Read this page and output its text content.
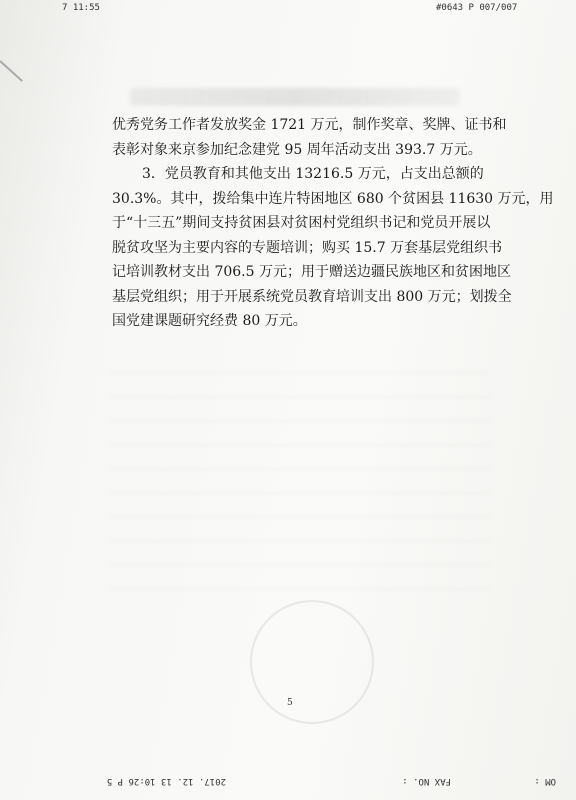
7 11:55	#0643 P 007/007

优秀党务工作者发放奖金 1721 万元，制作奖章、奖牌、证书和
表彰对象来京参加纪念建党 95 周年活动支出 393.7 万元。

3．党员教育和其他支出 13216.5 万元，占支出总额的
30.3%。其中，拨给集中连片特困地区 680 个贫困县 11630 万元，用
于“十三五”期间支持贫困县对贫困村党组织书记和党员开展以
脱贫攻坚为主要内容的专题培训；购买 15.7 万套基层党组织书
记培训教材支出 706.5 万元；用于赠送边疆民族地区和贫困地区
基层党组织；用于开展系统党员教育培训支出 800 万元；划拨全
国党建课题研究经费 80 万元。

5
OM :
FAX NO. :
2017. 12. 13 10:26 P 5
